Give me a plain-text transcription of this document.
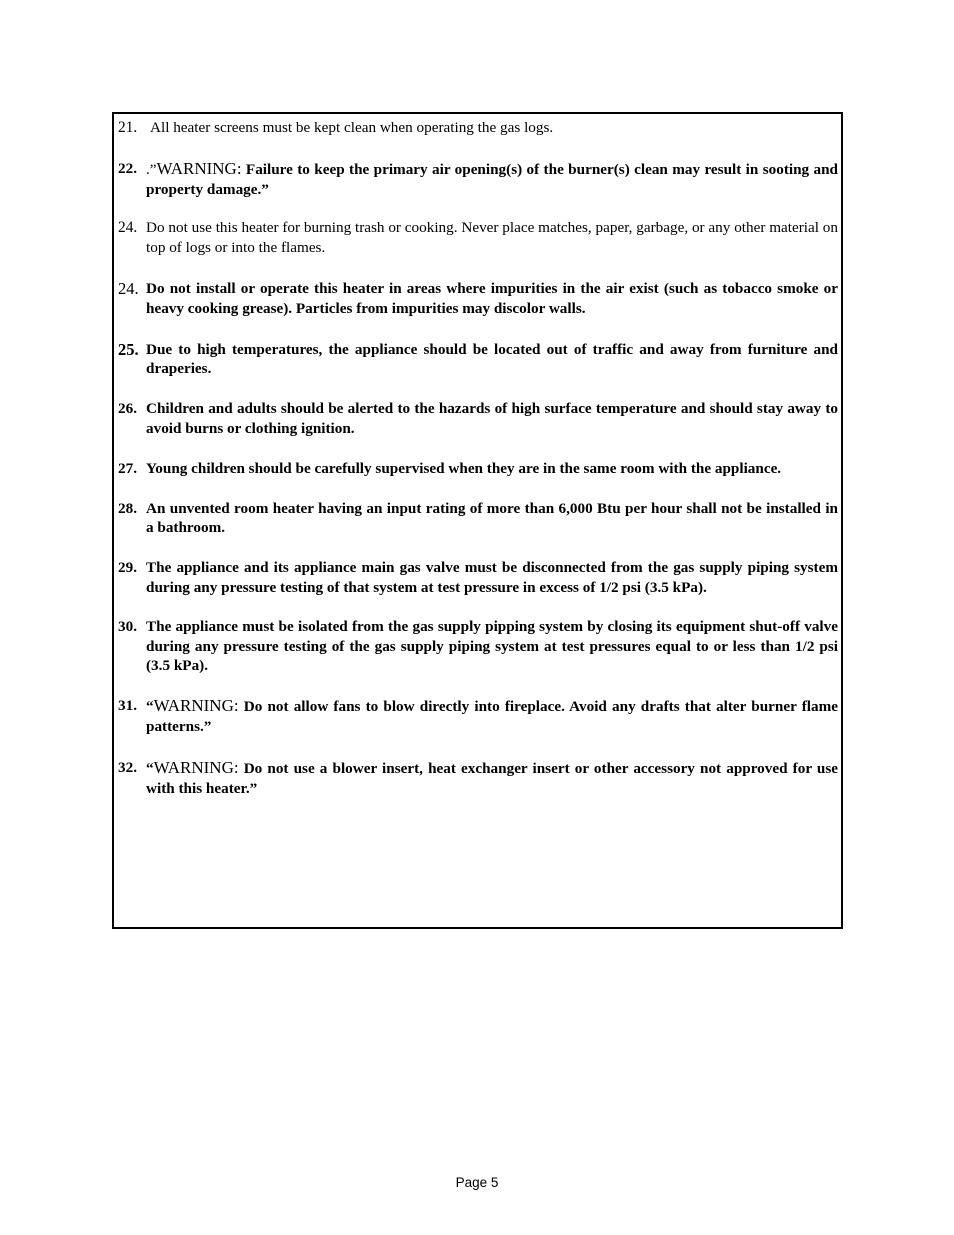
21. All heater screens must be kept clean when operating the gas logs.
22. .”WARNING: Failure to keep the primary air opening(s) of the burner(s) clean may result in sooting and property damage.”
24. Do not use this heater for burning trash or cooking. Never place matches, paper, garbage, or any other material on top of logs or into the flames.
24. Do not install or operate this heater in areas where impurities in the air exist (such as tobacco smoke or heavy cooking grease). Particles from impurities may discolor walls.
25. Due to high temperatures, the appliance should be located out of traffic and away from furniture and draperies.
26. Children and adults should be alerted to the hazards of high surface temperature and should stay away to avoid burns or clothing ignition.
27. Young children should be carefully supervised when they are in the same room with the appliance.
28. An unvented room heater having an input rating of more than 6,000 Btu per hour shall not be installed in a bathroom.
29. The appliance and its appliance main gas valve must be disconnected from the gas supply piping system during any pressure testing of that system at test pressure in excess of 1/2 psi (3.5 kPa).
30. The appliance must be isolated from the gas supply pipping system by closing its equipment shut-off valve during any pressure testing of the gas supply piping system at test pressures equal to or less than 1/2 psi (3.5 kPa).
31. “WARNING: Do not allow fans to blow directly into fireplace. Avoid any drafts that alter burner flame patterns.”
32. “WARNING: Do not use a blower insert, heat exchanger insert or other accessory not approved for use with this heater.”
Page 5
